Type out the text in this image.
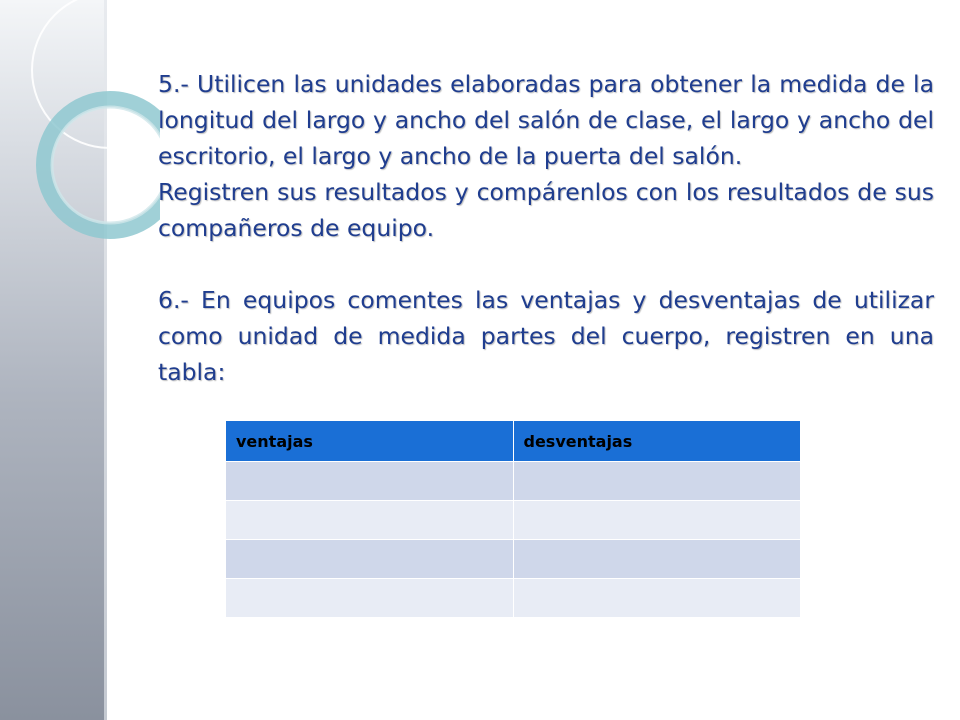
5.- Utilicen las unidades elaboradas para obtener la medida de la longitud del largo y ancho del salón de clase, el largo y ancho del escritorio, el largo y ancho de la puerta del salón.

Registren sus resultados y compárenlos con los resultados de sus compañeros de equipo.

6.- En equipos comentes las ventajas y desventajas de utilizar como unidad de medida partes del cuerpo, registren en una tabla:

ventajas	desventajas
